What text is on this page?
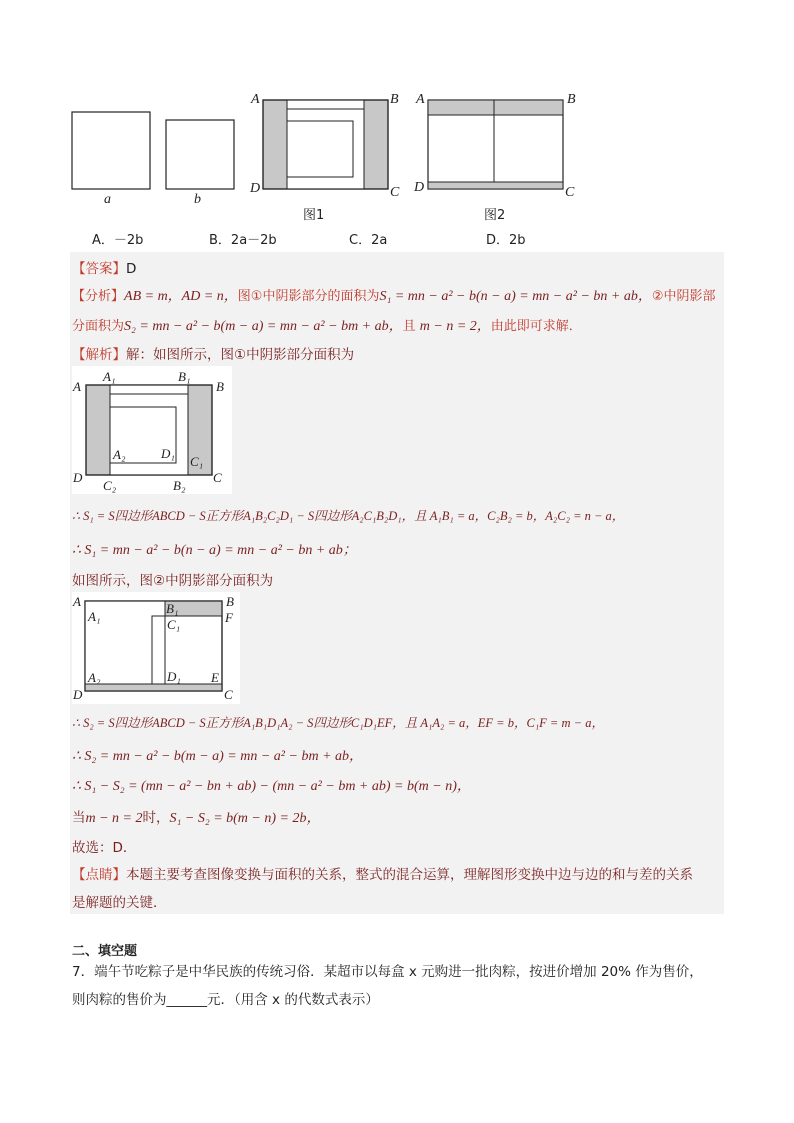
a	b
A	B
D	C
图1
A	B
D	C
图2
A．－2b	B．2a－2b	C．2a	D．2b
【答案】D
【分析】AB = m，AD = n，图①中阴影部分的面积为S₁ = mn − a² − b(n − a) = mn − a² − bn + ab，②中阴影部
分面积为S₂ = mn − a² − b(m − a) = mn − a² − bm + ab，且 m − n = 2，由此即可求解．
【解析】解：如图所示，图①中阴影部分面积为
A
A₁	B₁
B
A₂	D₁
C₁
D
C₂	B₂
C
∴ S₁ = S四边形ABCD − S正方形A₁B₂C₂D₁ − S四边形A₂C₁B₂D₁，且 A₁B₁ = a，C₂B₂ = b，A₂C₂ = n − a，
∴ S₁ = mn − a² − b(n − a) = mn − a² − bn + ab；
如图所示，图②中阴影部分面积为
A	B₁	B
A₁
C₁	F
A₂	D₁ E
D	C
∴ S₂ = S四边形ABCD − S正方形A₁B₁D₁A₂ − S四边形C₁D₁EF，且 A₁A₂ = a，EF = b，C₁F = m − a，
∴ S₂ = mn − a² − b(m − a) = mn − a² − bm + ab，
∴ S₁ − S₂ = (mn − a² − bn + ab) − (mn − a² − bm + ab) = b(m − n)，
当m − n = 2时，S₁ − S₂ = b(m − n) = 2b，
故选：D．
【点睛】本题主要考查图像变换与面积的关系，整式的混合运算，理解图形变换中边与边的和与差的关系
是解题的关键．
二、填空题
7．端午节吃粽子是中华民族的传统习俗．某超市以每盒 x 元购进一批肉粽，按进价增加 20% 作为售价，
则肉粽的售价为______元．（用含 x 的代数式表示）
